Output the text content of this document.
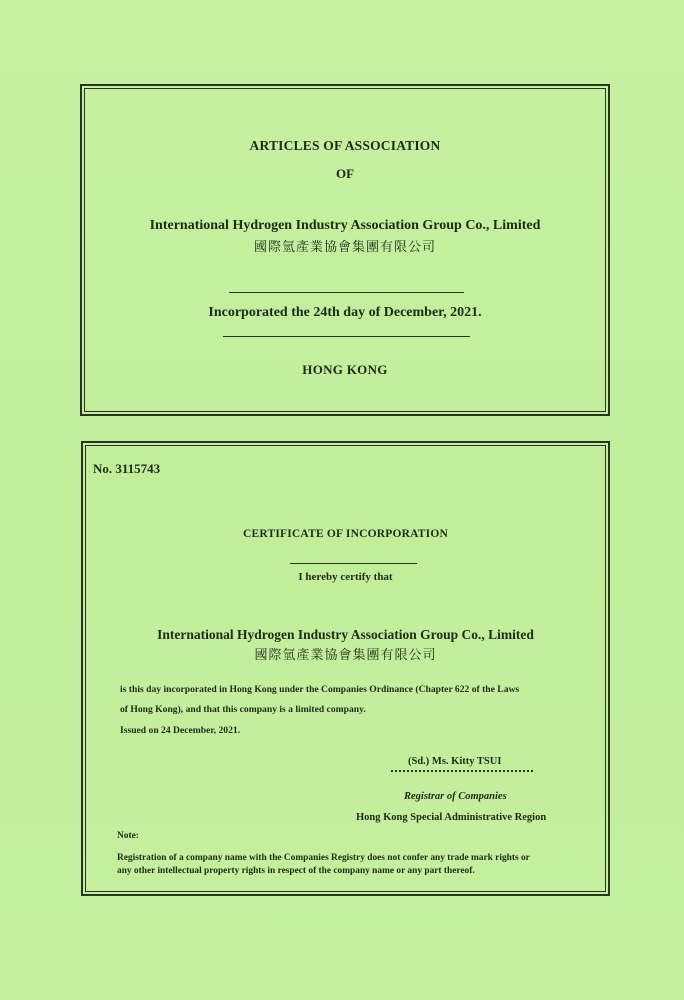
ARTICLES OF ASSOCIATION
OF
International Hydrogen Industry Association Group Co., Limited
國際氫產業協會集團有限公司
Incorporated the 24th day of December, 2021.
HONG KONG
No. 3115743
CERTIFICATE OF INCORPORATION
I hereby certify that
International Hydrogen Industry Association Group Co., Limited
國際氫產業協會集團有限公司
is this day incorporated in Hong Kong under the Companies Ordinance (Chapter 622 of the Laws
of Hong Kong), and that this company is a limited company.
Issued on 24 December, 2021.
(Sd.) Ms. Kitty TSUI
Registrar of Companies
Hong Kong Special Administrative Region
Note:
Registration of a company name with the Companies Registry does not confer any trade mark rights or
any other intellectual property rights in respect of the company name or any part thereof.
